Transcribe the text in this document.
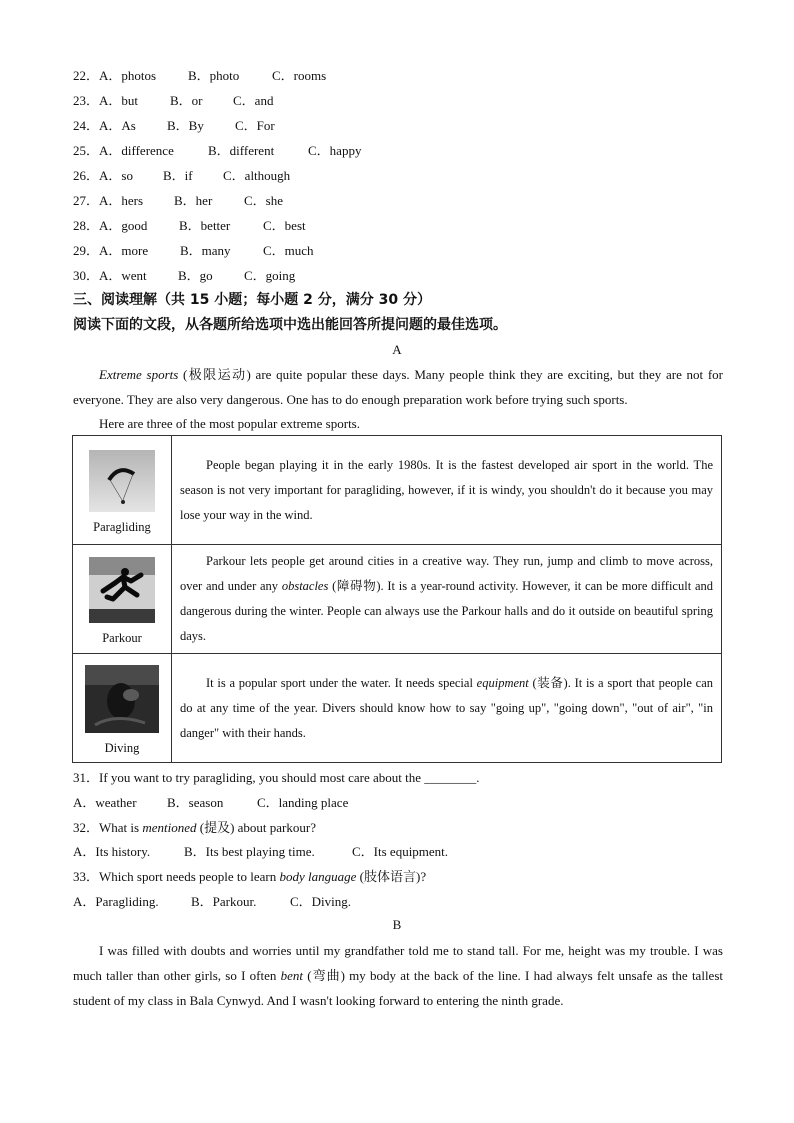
22． A．photos B．photo	C．rooms
23． A．but B．or C．and
24． A．As B．By C．For
25． A．difference	B．different	C．happy
26． A．so B．if C．although
27． A．hers B．her C．she
28． A．good B．better	C．best
29． A．more B．many C．much
30． A．went B．go C．going
三、阅读理解（共 15 小题；每小题 2 分，满分 30 分）
阅读下面的文段，从各题所给选项中选出能回答所提问题的最佳选项。
A
Extreme sports (极限运动) are quite popular these days. Many people think they are exciting, but they are not for everyone. They are also very dangerous. One has to do enough preparation work before trying such sports.
Here are three of the most popular extreme sports.
Paragliding	People began playing it in the early 1980s. It is the fastest developed air sport in the world. The season is not very important for paragliding, however, if it is windy, you shouldn't do it because you may lose your way in the wind.

Parkour	Parkour lets people get around cities in a creative way. They run, jump and climb to move across, over and under any obstacles (障碍物). It is a year-round activity. However, it can be more difficult and dangerous during the winter. People can always use the Parkour halls and do it outside on beautiful spring days.

Diving	It is a popular sport under the water. It needs special equipment (装备). It is a sport that people can do at any time of the year. Divers should know how to say "going up", "going down", "out of air", "in danger" with their hands.
31．If you want to try paragliding, you should most care about the ________.
A．weather B．season	C．landing place
32．What is mentioned (提及) about parkour?
A．Its history.	B．Its best playing time.	C．Its equipment.
33．Which sport needs people to learn body language (肢体语言)?
A．Paragliding. B．Parkour.	C．Diving.
B
I was filled with doubts and worries until my grandfather told me to stand tall. For me, height was my trouble. I was much taller than other girls, so I often bent (弯曲) my body at the back of the line. I had always felt unsafe as the tallest student of my class in Bala Cynwyd. And I wasn't looking forward to entering the ninth grade.
